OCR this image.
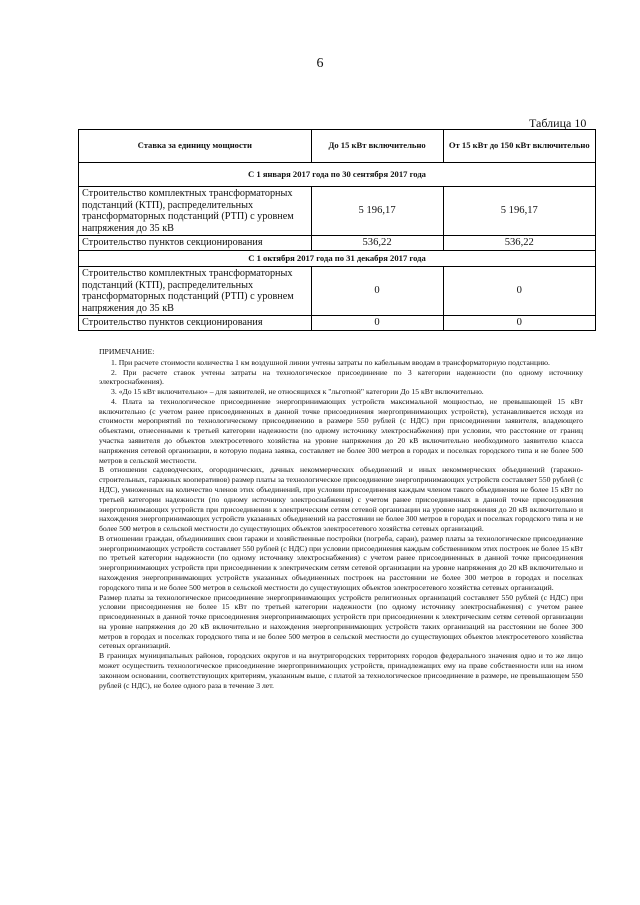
6
Таблица 10
Ставка за единицу мощности	До 15 кВт включительно	От 15 кВт до 150 кВт включительно
С 1 января 2017 года по 30 сентября 2017 года		
Строительство комплектных трансформаторных подстанций (КТП), распределительных трансформаторных подстанций (РТП) с уровнем напряжения до 35 кВ	5 196,17	5 196,17
Строительство пунктов секционирования	536,22	536,22
С 1 октября 2017 года по 31 декабря 2017 года		
Строительство комплектных трансформаторных подстанций (КТП), распределительных трансформаторных подстанций (РТП) с уровнем напряжения до 35 кВ	0	0
Строительство пунктов секционирования	0	0

ПРИМЕЧАНИЕ:

1. При расчете стоимости количества 1 км воздушной линии учтены затраты по кабельным вводам в трансформаторную подстанцию.

2. При расчете ставок учтены затраты на технологическое присоединение по 3 категории надежности (по одному источнику электроснабжения).

3. «До 15 кВт включительно» – для заявителей, не относящихся к "льготной" категории До 15 кВт включительно.

4. Плата за технологическое присоединение энергопринимающих устройств максимальной мощностью, не превышающей 15 кВт включительно (с учетом ранее присоединенных в данной точке присоединения энергопринимающих устройств), устанавливается исходя из стоимости мероприятий по технологическому присоединению в размере 550 рублей (с НДС) при присоединении заявителя, владеющего объектами, отнесенными к третьей категории надежности (по одному источнику электроснабжения) при условии, что расстояние от границ участка заявителя до объектов электросетевого хозяйства на уровне напряжения до 20 кВ включительно необходимого заявителю класса напряжения сетевой организации, в которую подана заявка, составляет не более 300 метров в городах и поселках городского типа и не более 500 метров в сельской местности.

В отношении садоводческих, огороднических, дачных некоммерческих объединений и иных некоммерческих объединений (гаражно-строительных, гаражных кооперативов) размер платы за технологическое присоединение энергопринимающих устройств составляет 550 рублей (с НДС), умноженных на количество членов этих объединений, при условии присоединения каждым членом такого объединения не более 15 кВт по третьей категории надежности (по одному источнику электроснабжения) с учетом ранее присоединенных в данной точке присоединения энергопринимающих устройств при присоединении к электрическим сетям сетевой организации на уровне напряжения до 20 кВ включительно и нахождения энергопринимающих устройств указанных объединений на расстоянии не более 300 метров в городах и поселках городского типа и не более 500 метров в сельской местности до существующих объектов электросетевого хозяйства сетевых организаций.

В отношении граждан, объединивших свои гаражи и хозяйственные постройки (погреба, сараи), размер платы за технологическое присоединение энергопринимающих устройств составляет 550 рублей (с НДС) при условии присоединения каждым собственником этих построек не более 15 кВт по третьей категории надежности (по одному источнику электроснабжения) с учетом ранее присоединенных в данной точке присоединения энергопринимающих устройств при присоединении к электрическим сетям сетевой организации на уровне напряжения до 20 кВ включительно и нахождения энергопринимающих устройств указанных объединенных построек на расстоянии не более 300 метров в городах и поселках городского типа и не более 500 метров в сельской местности до существующих объектов электросетевого хозяйства сетевых организаций.

Размер платы за технологическое присоединение энергопринимающих устройств религиозных организаций составляет 550 рублей (с НДС) при условии присоединения не более 15 кВт по третьей категории надежности (по одному источнику электроснабжения) с учетом ранее присоединенных в данной точке присоединения энергопринимающих устройств при присоединении к электрическим сетям сетевой организации на уровне напряжения до 20 кВ включительно и нахождения энергопринимающих устройств таких организаций на расстоянии не более 300 метров в городах и поселках городского типа и не более 500 метров в сельской местности до существующих объектов электросетевого хозяйства сетевых организаций.

В границах муниципальных районов, городских округов и на внутригородских территориях городов федерального значения одно и то же лицо может осуществить технологическое присоединение энергопринимающих устройств, принадлежащих ему на праве собственности или на ином законном основании, соответствующих критериям, указанным выше, с платой за технологическое присоединение в размере, не превышающем 550 рублей (с НДС), не более одного раза в течение 3 лет.
